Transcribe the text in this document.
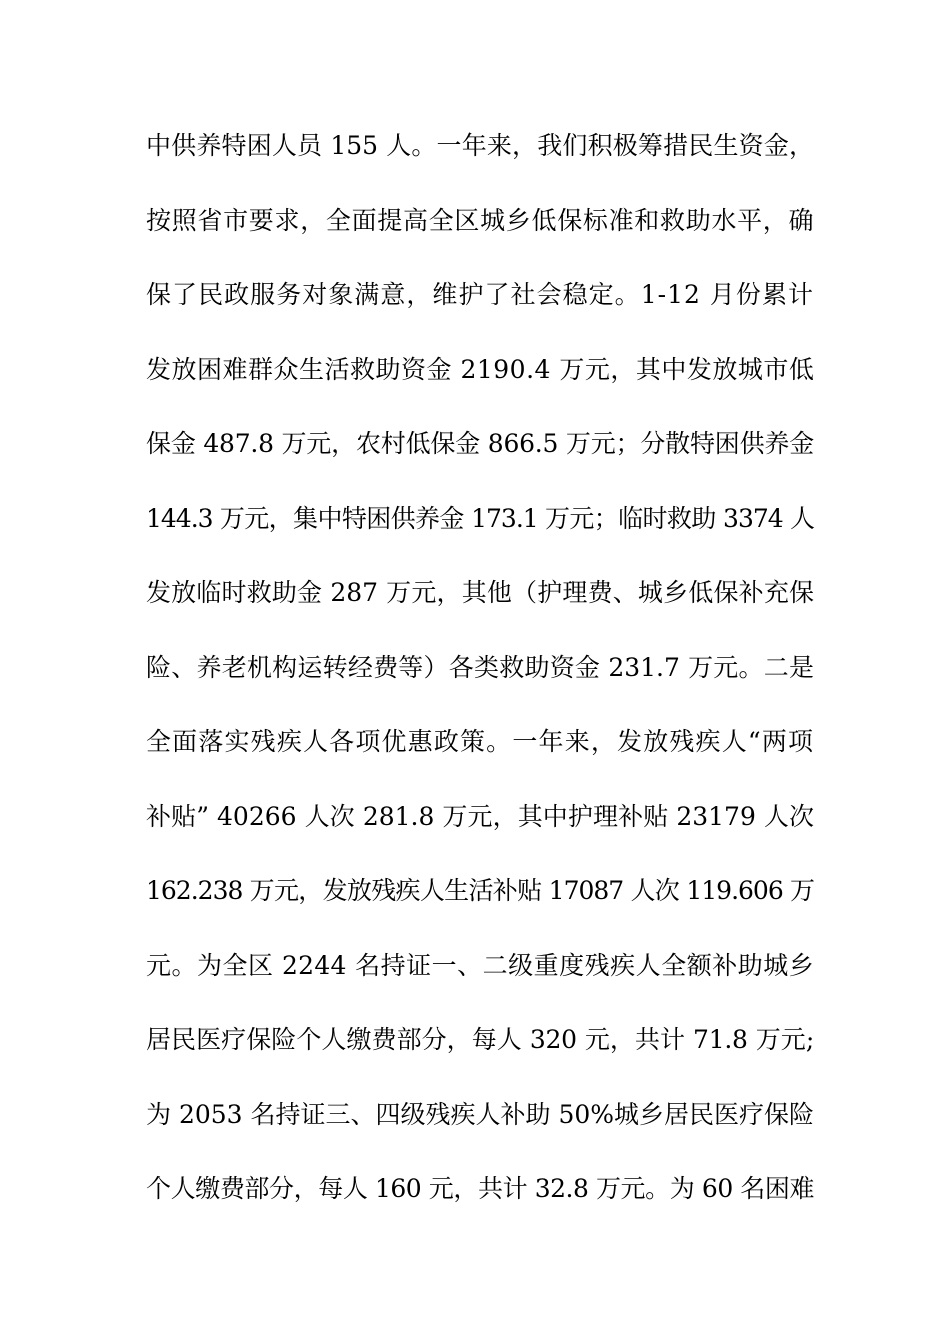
中供养特困人员 155 人。一年来，我们积极筹措民生资金，
按照省市要求，全面提高全区城乡低保标准和救助水平，确
保了民政服务对象满意，维护了社会稳定。1-12 月份累计
发放困难群众生活救助资金 2190.4 万元，其中发放城市低
保金 487.8 万元，农村低保金 866.5 万元；分散特困供养金
144.3 万元，集中特困供养金 173.1 万元；临时救助 3374 人
发放临时救助金 287 万元，其他（护理费、城乡低保补充保
险、养老机构运转经费等）各类救助资金 231.7 万元。二是
全面落实残疾人各项优惠政策。一年来，发放残疾人“两项
补贴” 40266 人次 281.8 万元，其中护理补贴 23179 人次
162.238 万元，发放残疾人生活补贴 17087 人次 119.606 万
元。为全区 2244 名持证一、二级重度残疾人全额补助城乡
居民医疗保险个人缴费部分，每人 320 元，共计 71.8 万元;
为 2053 名持证三、四级残疾人补助 50%城乡居民医疗保险
个人缴费部分，每人 160 元，共计 32.8 万元。为 60 名困难
